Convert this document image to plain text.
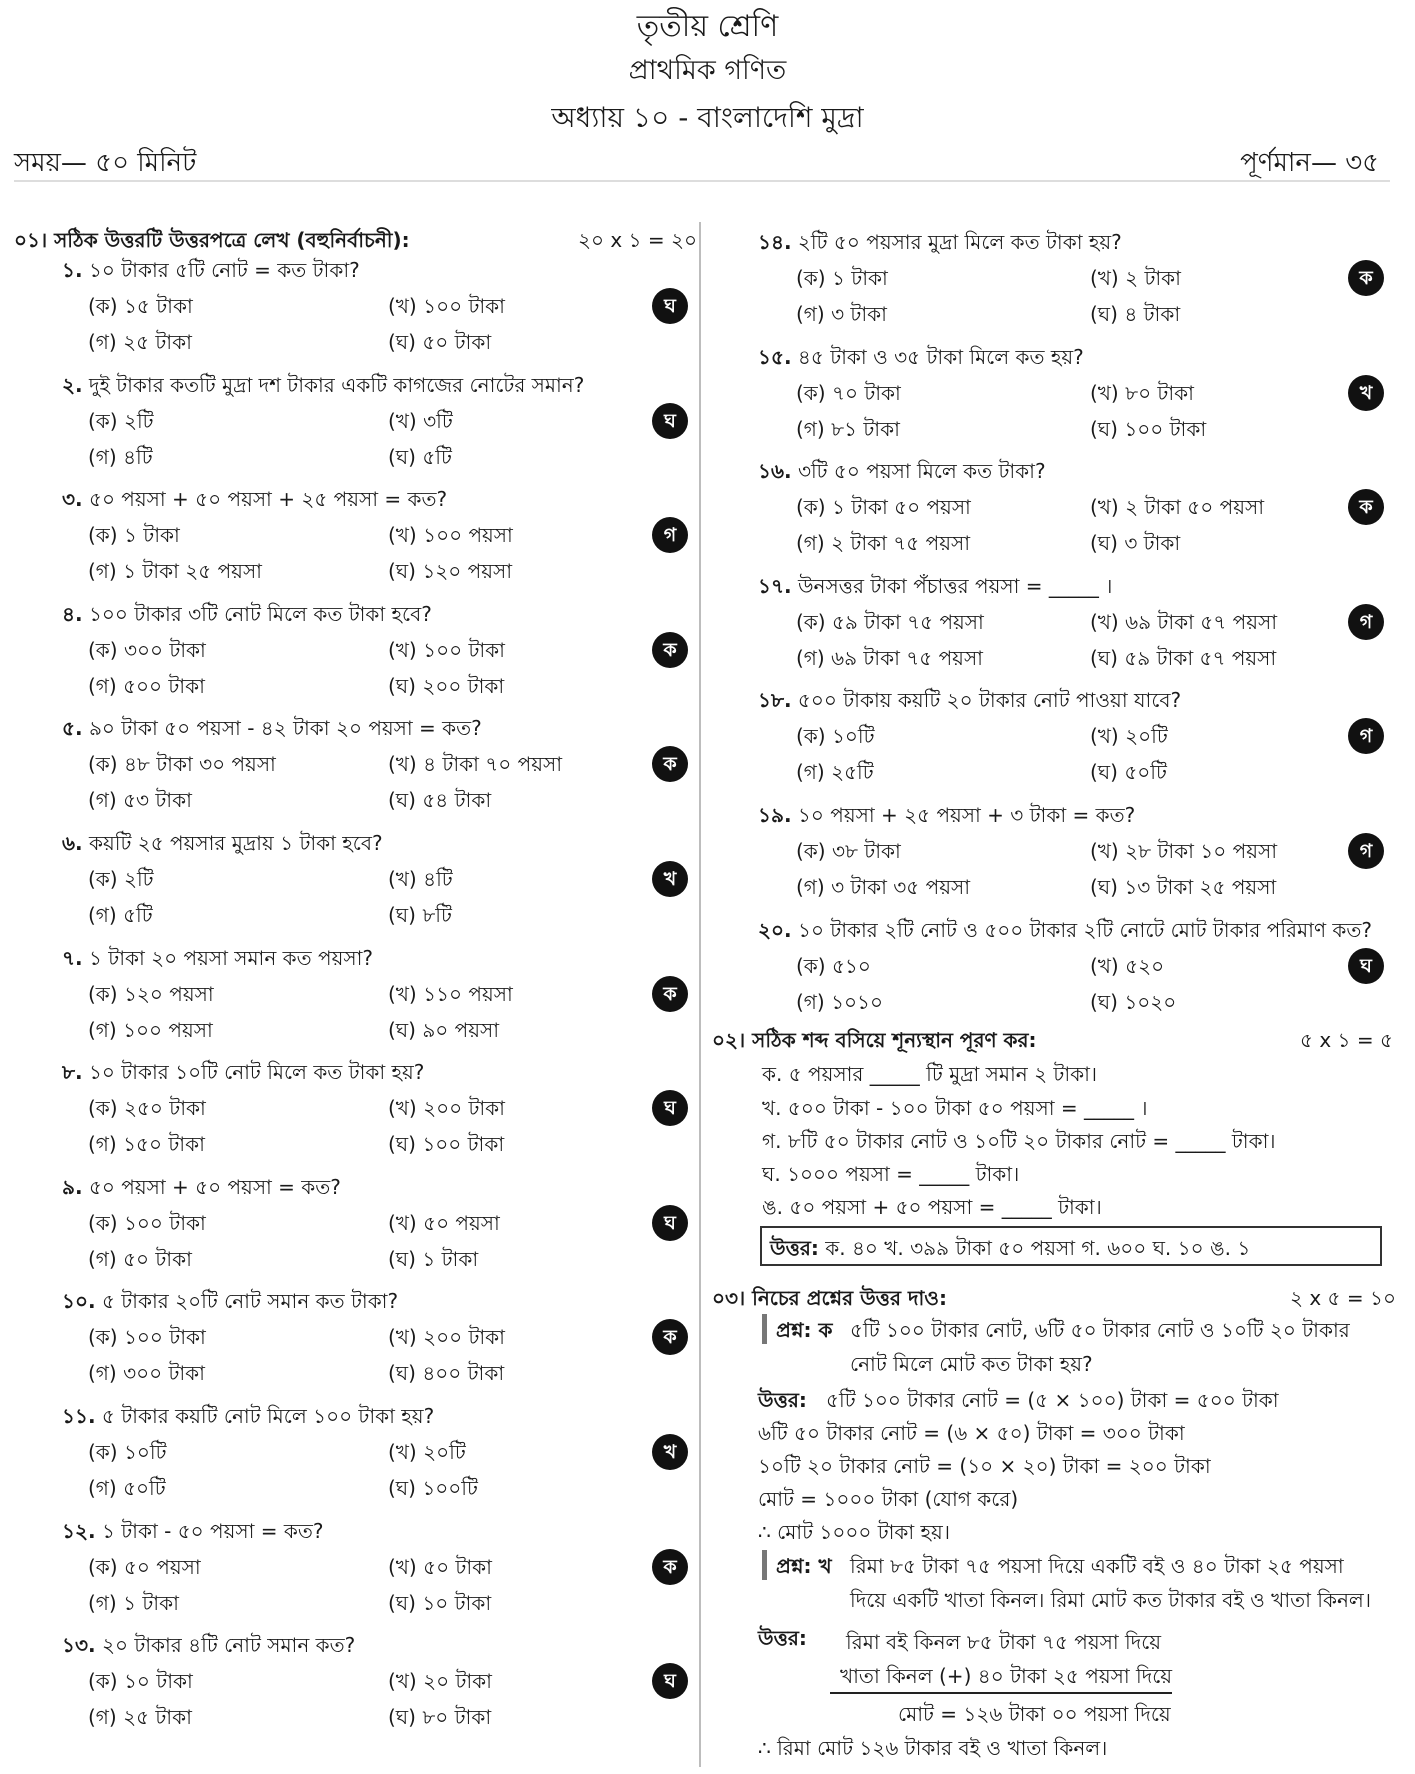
তৃতীয় শ্রেণি
প্রাথমিক গণিত
অধ্যায় ১০ - বাংলাদেশি মুদ্রা
সময়— ৫০ মিনিট	পূর্ণমান— ৩৫
০১। সঠিক উত্তরটি উত্তরপত্রে লেখ (বহুনির্বাচনী):	২০ x ১ = ২০
১. ১০ টাকার ৫টি নোট = কত টাকা?
(ক) ১৫ টাকা	(খ) ১০০ টাকা
(গ) ২৫ টাকা	(ঘ) ৫০ টাকা
ঘ
২. দুই টাকার কতটি মুদ্রা দশ টাকার একটি কাগজের নোটের সমান?
(ক) ২টি	(খ) ৩টি
(গ) ৪টি	(ঘ) ৫টি
ঘ
৩. ৫০ পয়সা + ৫০ পয়সা + ২৫ পয়সা = কত?
(ক) ১ টাকা	(খ) ১০০ পয়সা
(গ) ১ টাকা ২৫ পয়সা	(ঘ) ১২০ পয়সা
গ
৪. ১০০ টাকার ৩টি নোট মিলে কত টাকা হবে?
(ক) ৩০০ টাকা	(খ) ১০০ টাকা
(গ) ৫০০ টাকা	(ঘ) ২০০ টাকা
ক
৫. ৯০ টাকা ৫০ পয়সা - ৪২ টাকা ২০ পয়সা = কত?
(ক) ৪৮ টাকা ৩০ পয়সা	(খ) ৪ টাকা ৭০ পয়সা
(গ) ৫৩ টাকা	(ঘ) ৫৪ টাকা
ক
৬. কয়টি ২৫ পয়সার মুদ্রায় ১ টাকা হবে?
(ক) ২টি	(খ) ৪টি
(গ) ৫টি	(ঘ) ৮টি
খ
৭. ১ টাকা ২০ পয়সা সমান কত পয়সা?
(ক) ১২০ পয়সা	(খ) ১১০ পয়সা
(গ) ১০০ পয়সা	(ঘ) ৯০ পয়সা
ক
৮. ১০ টাকার ১০টি নোট মিলে কত টাকা হয়?
(ক) ২৫০ টাকা	(খ) ২০০ টাকা
(গ) ১৫০ টাকা	(ঘ) ১০০ টাকা
ঘ
৯. ৫০ পয়সা + ৫০ পয়সা = কত?
(ক) ১০০ টাকা	(খ) ৫০ পয়সা
(গ) ৫০ টাকা	(ঘ) ১ টাকা
ঘ
১০. ৫ টাকার ২০টি নোট সমান কত টাকা?
(ক) ১০০ টাকা	(খ) ২০০ টাকা
(গ) ৩০০ টাকা	(ঘ) ৪০০ টাকা
ক
১১. ৫ টাকার কয়টি নোট মিলে ১০০ টাকা হয়?
(ক) ১০টি	(খ) ২০টি
(গ) ৫০টি	(ঘ) ১০০টি
খ
১২. ১ টাকা - ৫০ পয়সা = কত?
(ক) ৫০ পয়সা	(খ) ৫০ টাকা
(গ) ১ টাকা	(ঘ) ১০ টাকা
ক
১৩. ২০ টাকার ৪টি নোট সমান কত?
(ক) ১০ টাকা	(খ) ২০ টাকা
(গ) ২৫ টাকা	(ঘ) ৮০ টাকা
ঘ
১৪. ২টি ৫০ পয়সার মুদ্রা মিলে কত টাকা হয়?
(ক) ১ টাকা	(খ) ২ টাকা
(গ) ৩ টাকা	(ঘ) ৪ টাকা
ক
১৫. ৪৫ টাকা ও ৩৫ টাকা মিলে কত হয়?
(ক) ৭০ টাকা	(খ) ৮০ টাকা
(গ) ৮১ টাকা	(ঘ) ১০০ টাকা
খ
১৬. ৩টি ৫০ পয়সা মিলে কত টাকা?
(ক) ১ টাকা ৫০ পয়সা	(খ) ২ টাকা ৫০ পয়সা
(গ) ২ টাকা ৭৫ পয়সা	(ঘ) ৩ টাকা
ক
১৭. উনসত্তর টাকা পঁচাত্তর পয়সা = _____ ।
(ক) ৫৯ টাকা ৭৫ পয়সা	(খ) ৬৯ টাকা ৫৭ পয়সা
(গ) ৬৯ টাকা ৭৫ পয়সা	(ঘ) ৫৯ টাকা ৫৭ পয়সা
গ
১৮. ৫০০ টাকায় কয়টি ২০ টাকার নোট পাওয়া যাবে?
(ক) ১০টি	(খ) ২০টি
(গ) ২৫টি	(ঘ) ৫০টি
গ
১৯. ১০ পয়সা + ২৫ পয়সা + ৩ টাকা = কত?
(ক) ৩৮ টাকা	(খ) ২৮ টাকা ১০ পয়সা
(গ) ৩ টাকা ৩৫ পয়সা	(ঘ) ১৩ টাকা ২৫ পয়সা
গ
২০. ১০ টাকার ২টি নোট ও ৫০০ টাকার ২টি নোটে মোট টাকার পরিমাণ কত?
(ক) ৫১০	(খ) ৫২০
(গ) ১০১০	(ঘ) ১০২০
ঘ
০২। সঠিক শব্দ বসিয়ে শূন্যস্থান পূরণ কর:	৫ x ১ = ৫
ক. ৫ পয়সার _____ টি মুদ্রা সমান ২ টাকা।
খ. ৫০০ টাকা - ১০০ টাকা ৫০ পয়সা = _____ ।
গ. ৮টি ৫০ টাকার নোট ও ১০টি ২০ টাকার নোট = _____ টাকা।
ঘ. ১০০০ পয়সা = _____ টাকা।
ঙ. ৫০ পয়সা + ৫০ পয়সা = _____ টাকা।
উত্তর: ক. ৪০ খ. ৩৯৯ টাকা ৫০ পয়সা গ. ৬০০ ঘ. ১০ ঙ. ১
০৩। নিচের প্রশ্নের উত্তর দাও:	২ x ৫ = ১০
প্রশ্ন: ক ৫টি ১০০ টাকার নোট, ৬টি ৫০ টাকার নোট ও ১০টি ২০ টাকার
নোট মিলে মোট কত টাকা হয়?
উত্তর: ৫টি ১০০ টাকার নোট = (৫ × ১০০) টাকা = ৫০০ টাকা
৬টি ৫০ টাকার নোট = (৬ × ৫০) টাকা = ৩০০ টাকা
১০টি ২০ টাকার নোট = (১০ × ২০) টাকা = ২০০ টাকা
মোট = ১০০০ টাকা (যোগ করে)
∴ মোট ১০০০ টাকা হয়।
প্রশ্ন: খ রিমা ৮৫ টাকা ৭৫ পয়সা দিয়ে একটি বই ও ৪০ টাকা ২৫ পয়সা
দিয়ে একটি খাতা কিনল। রিমা মোট কত টাকার বই ও খাতা কিনল।
উত্তর: রিমা বই কিনল ৮৫ টাকা ৭৫ পয়সা দিয়ে
খাতা কিনল (+) ৪০ টাকা ২৫ পয়সা দিয়ে
মোট = ১২৬ টাকা ০০ পয়সা দিয়ে
∴ রিমা মোট ১২৬ টাকার বই ও খাতা কিনল।
